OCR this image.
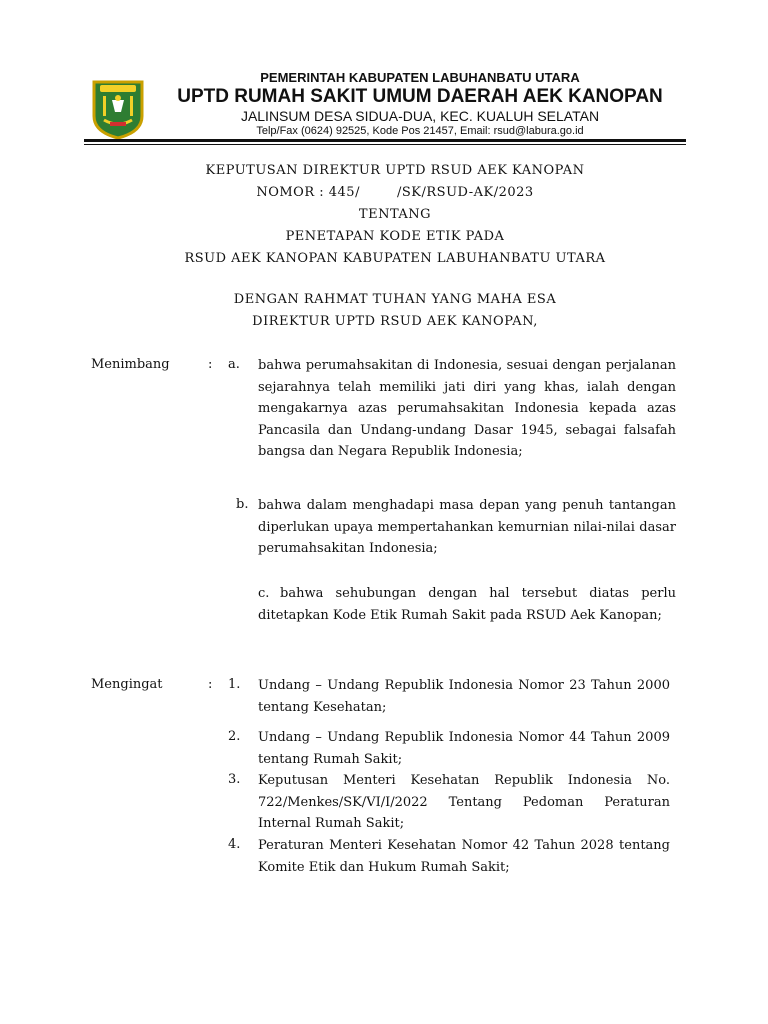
PEMERINTAH KABUPATEN LABUHANBATU UTARA
UPTD RUMAH SAKIT UMUM DAERAH AEK KANOPAN
JALINSUM DESA SIDUA-DUA, KEC. KUALUH SELATAN
Telp/Fax (0624) 92525, Kode Pos 21457, Email: rsud@labura.go.id
KEPUTUSAN DIREKTUR UPTD RSUD AEK KANOPAN
NOMOR : 445/        /SK/RSUD-AK/2023
TENTANG
PENETAPAN KODE ETIK PADA
RSUD AEK KANOPAN KABUPATEN LABUHANBATU UTARA
DENGAN RAHMAT TUHAN YANG MAHA ESA
DIREKTUR UPTD RSUD AEK KANOPAN,
Menimbang	: a. bahwa perumahsakitan di Indonesia, sesuai dengan perjalanan sejarahnya telah memiliki jati diri yang khas, ialah dengan mengakarnya azas perumahsakitan Indonesia kepada azas Pancasila dan Undang-undang Dasar 1945, sebagai falsafah bangsa dan Negara Republik Indonesia;
b. bahwa dalam menghadapi masa depan yang penuh tantangan diperlukan upaya mempertahankan kemurnian nilai-nilai dasar perumahsakitan Indonesia;
c. bahwa sehubungan dengan hal tersebut diatas perlu ditetapkan Kode Etik Rumah Sakit pada RSUD Aek Kanopan;
Mengingat	: 1. Undang – Undang Republik Indonesia Nomor 23 Tahun 2000 tentang Kesehatan;
2. Undang – Undang Republik Indonesia Nomor 44 Tahun 2009 tentang Rumah Sakit;
3. Keputusan Menteri Kesehatan Republik Indonesia No. 722/Menkes/SK/VI/I/2022 Tentang Pedoman Peraturan Internal Rumah Sakit;
4. Peraturan Menteri Kesehatan Nomor 42 Tahun 2028 tentang Komite Etik dan Hukum Rumah Sakit;
